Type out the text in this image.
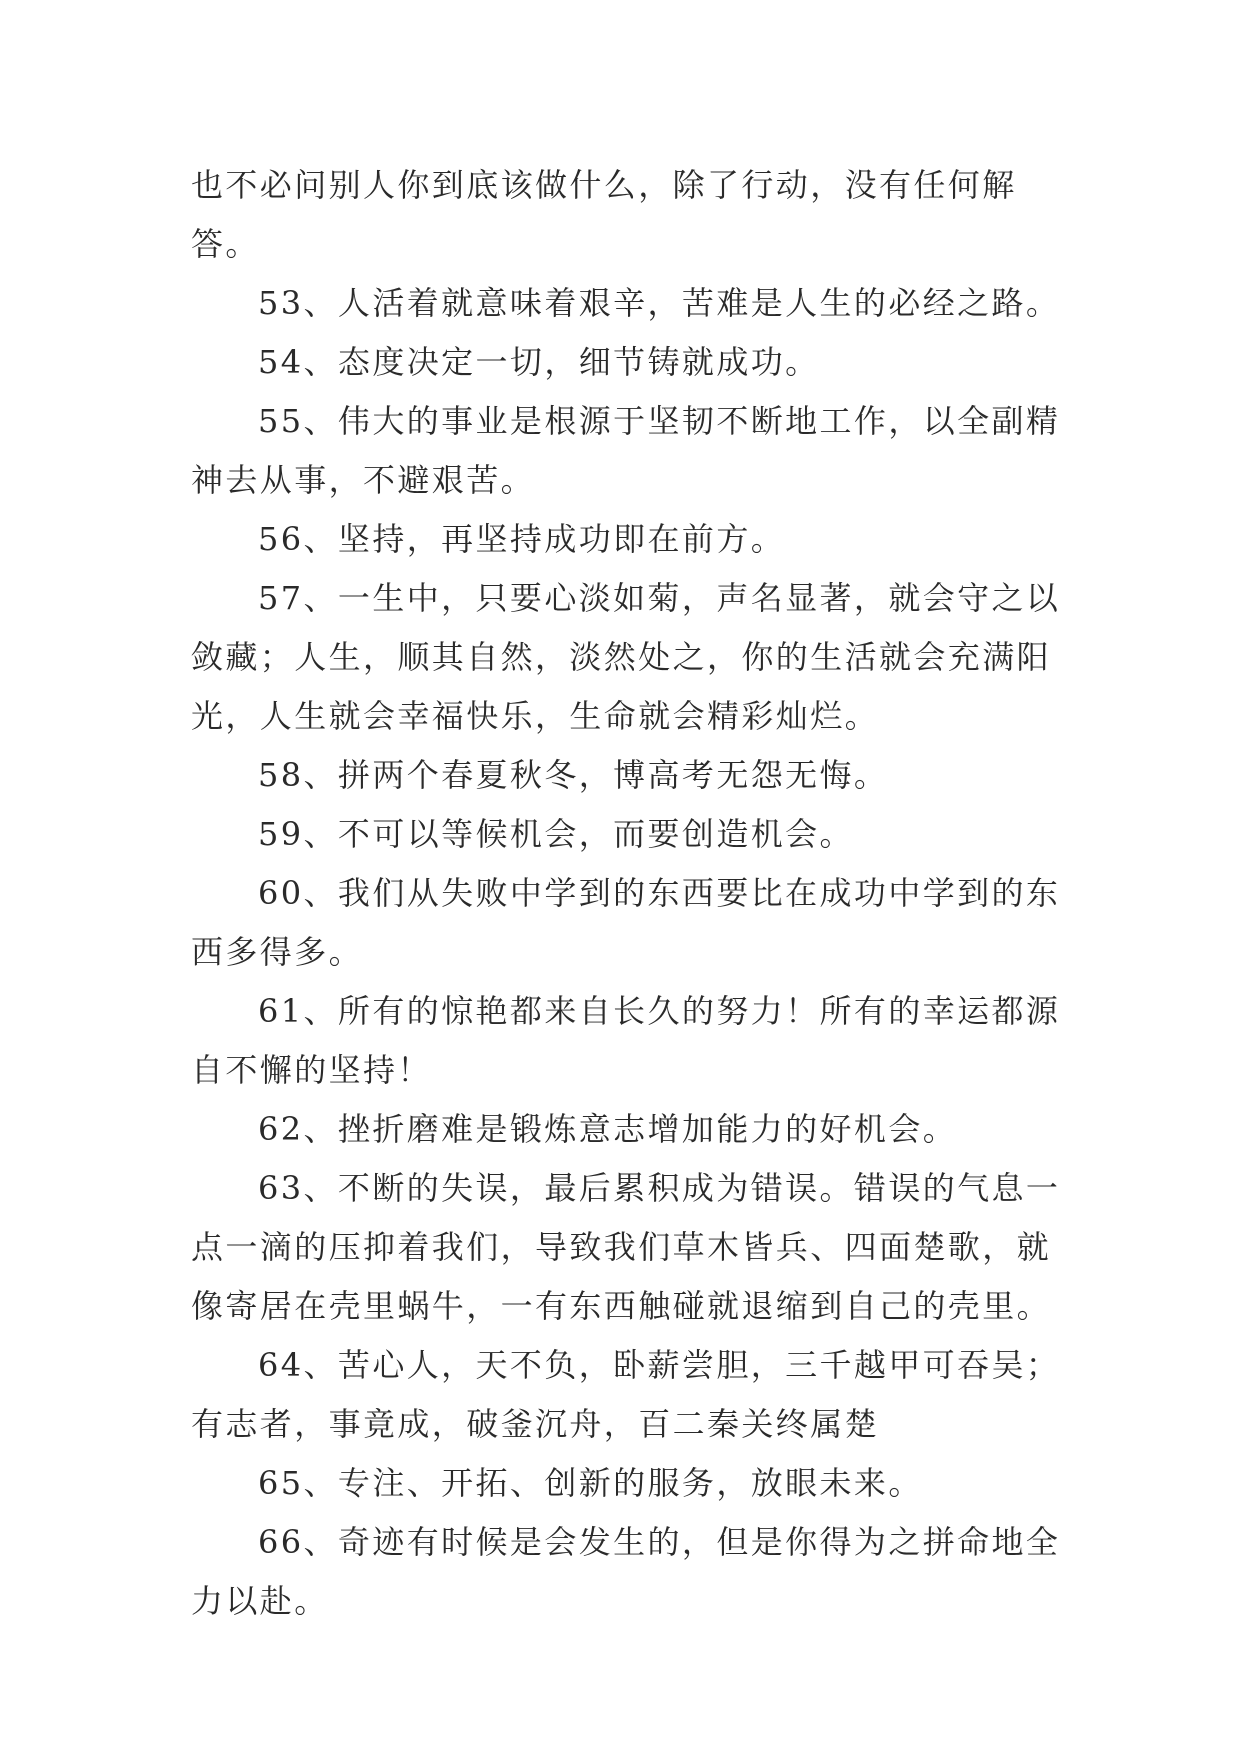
也不必问别人你到底该做什么，除了行动，没有任何解答。

53、人活着就意味着艰辛，苦难是人生的必经之路。

54、态度决定一切，细节铸就成功。

55、伟大的事业是根源于坚韧不断地工作，以全副精神去从事，不避艰苦。

56、坚持，再坚持成功即在前方。

57、一生中，只要心淡如菊，声名显著，就会守之以敛藏；人生，顺其自然，淡然处之，你的生活就会充满阳光，人生就会幸福快乐，生命就会精彩灿烂。

58、拼两个春夏秋冬，博高考无怨无悔。

59、不可以等候机会，而要创造机会。

60、我们从失败中学到的东西要比在成功中学到的东西多得多。

61、所有的惊艳都来自长久的努力！所有的幸运都源自不懈的坚持！

62、挫折磨难是锻炼意志增加能力的好机会。

63、不断的失误，最后累积成为错误。错误的气息一点一滴的压抑着我们，导致我们草木皆兵、四面楚歌，就像寄居在壳里蜗牛，一有东西触碰就退缩到自己的壳里。

64、苦心人，天不负，卧薪尝胆，三千越甲可吞吴；有志者，事竟成，破釜沉舟，百二秦关终属楚

65、专注、开拓、创新的服务，放眼未来。

66、奇迹有时候是会发生的，但是你得为之拼命地全力以赴。
